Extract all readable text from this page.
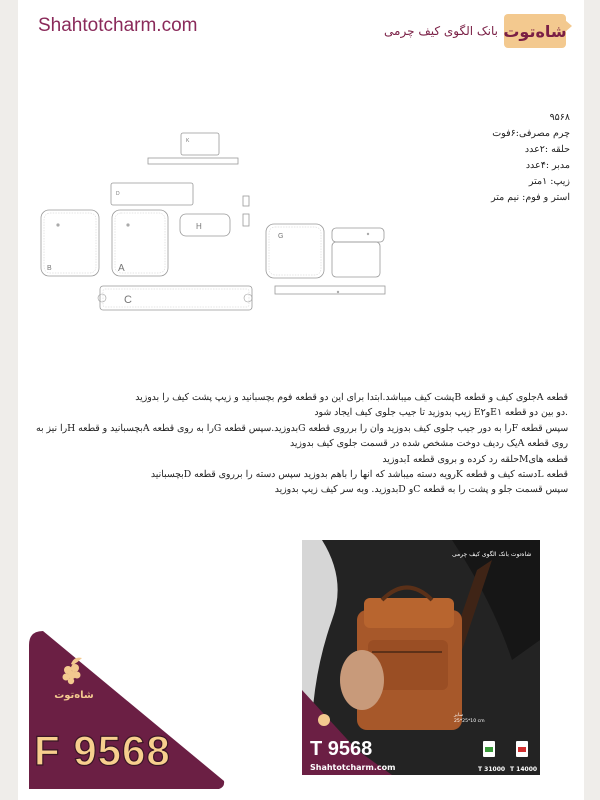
Shahtotcharm.com	شاه‌توت
بانک الگوی کیف چرمی
۹۵۶۸
چرم مصرفی:۶فوت
حلقه :۲عدد
مدبر :۴عدد
زیپ: ۱متر
استر و فوم: نیم متر
K
D
B	A
H
G
C
قطعه Aجلوی کیف و قطعه Bپشت کیف میباشد.ابتدا برای این دو قطعه فوم بچسبانید و زیپ پشت کیف را بدوزید
.دو بین دو قطعه E۱وE۲ زیپ بدوزید تا جیب جلوی کیف ایجاد شود
سپس قطعه Fرا به دور جیب جلوی کیف بدوزید وان را برروی قطعه Gبدوزید.سپس قطعه Gرا به روی قطعه Aبچسبانید و قطعه Hرا نیز به روی قطعه Aیک ردیف دوخت مشخص شده در قسمت جلوی کیف بدوزید
قطعه هایMحلقه رد کرده و بروی قطعه Iبدوزید
قطعه Lدسته کیف و قطعه Kرویه دسته میباشد که انها را باهم بدوزید سپس دسته را برروی قطعه Dبچسبانید
سپس قسمت جلو و پشت را به قطعه Cو Dبدوزید. وبه سر کیف زیپ بدوزید
شاه‌توت بانک الگوی کیف چرمی
سایز
25*25*10 cm
T 9568
Shahtotcharm.com	T 31000 T 14000
شاه‌توت
F 9568
